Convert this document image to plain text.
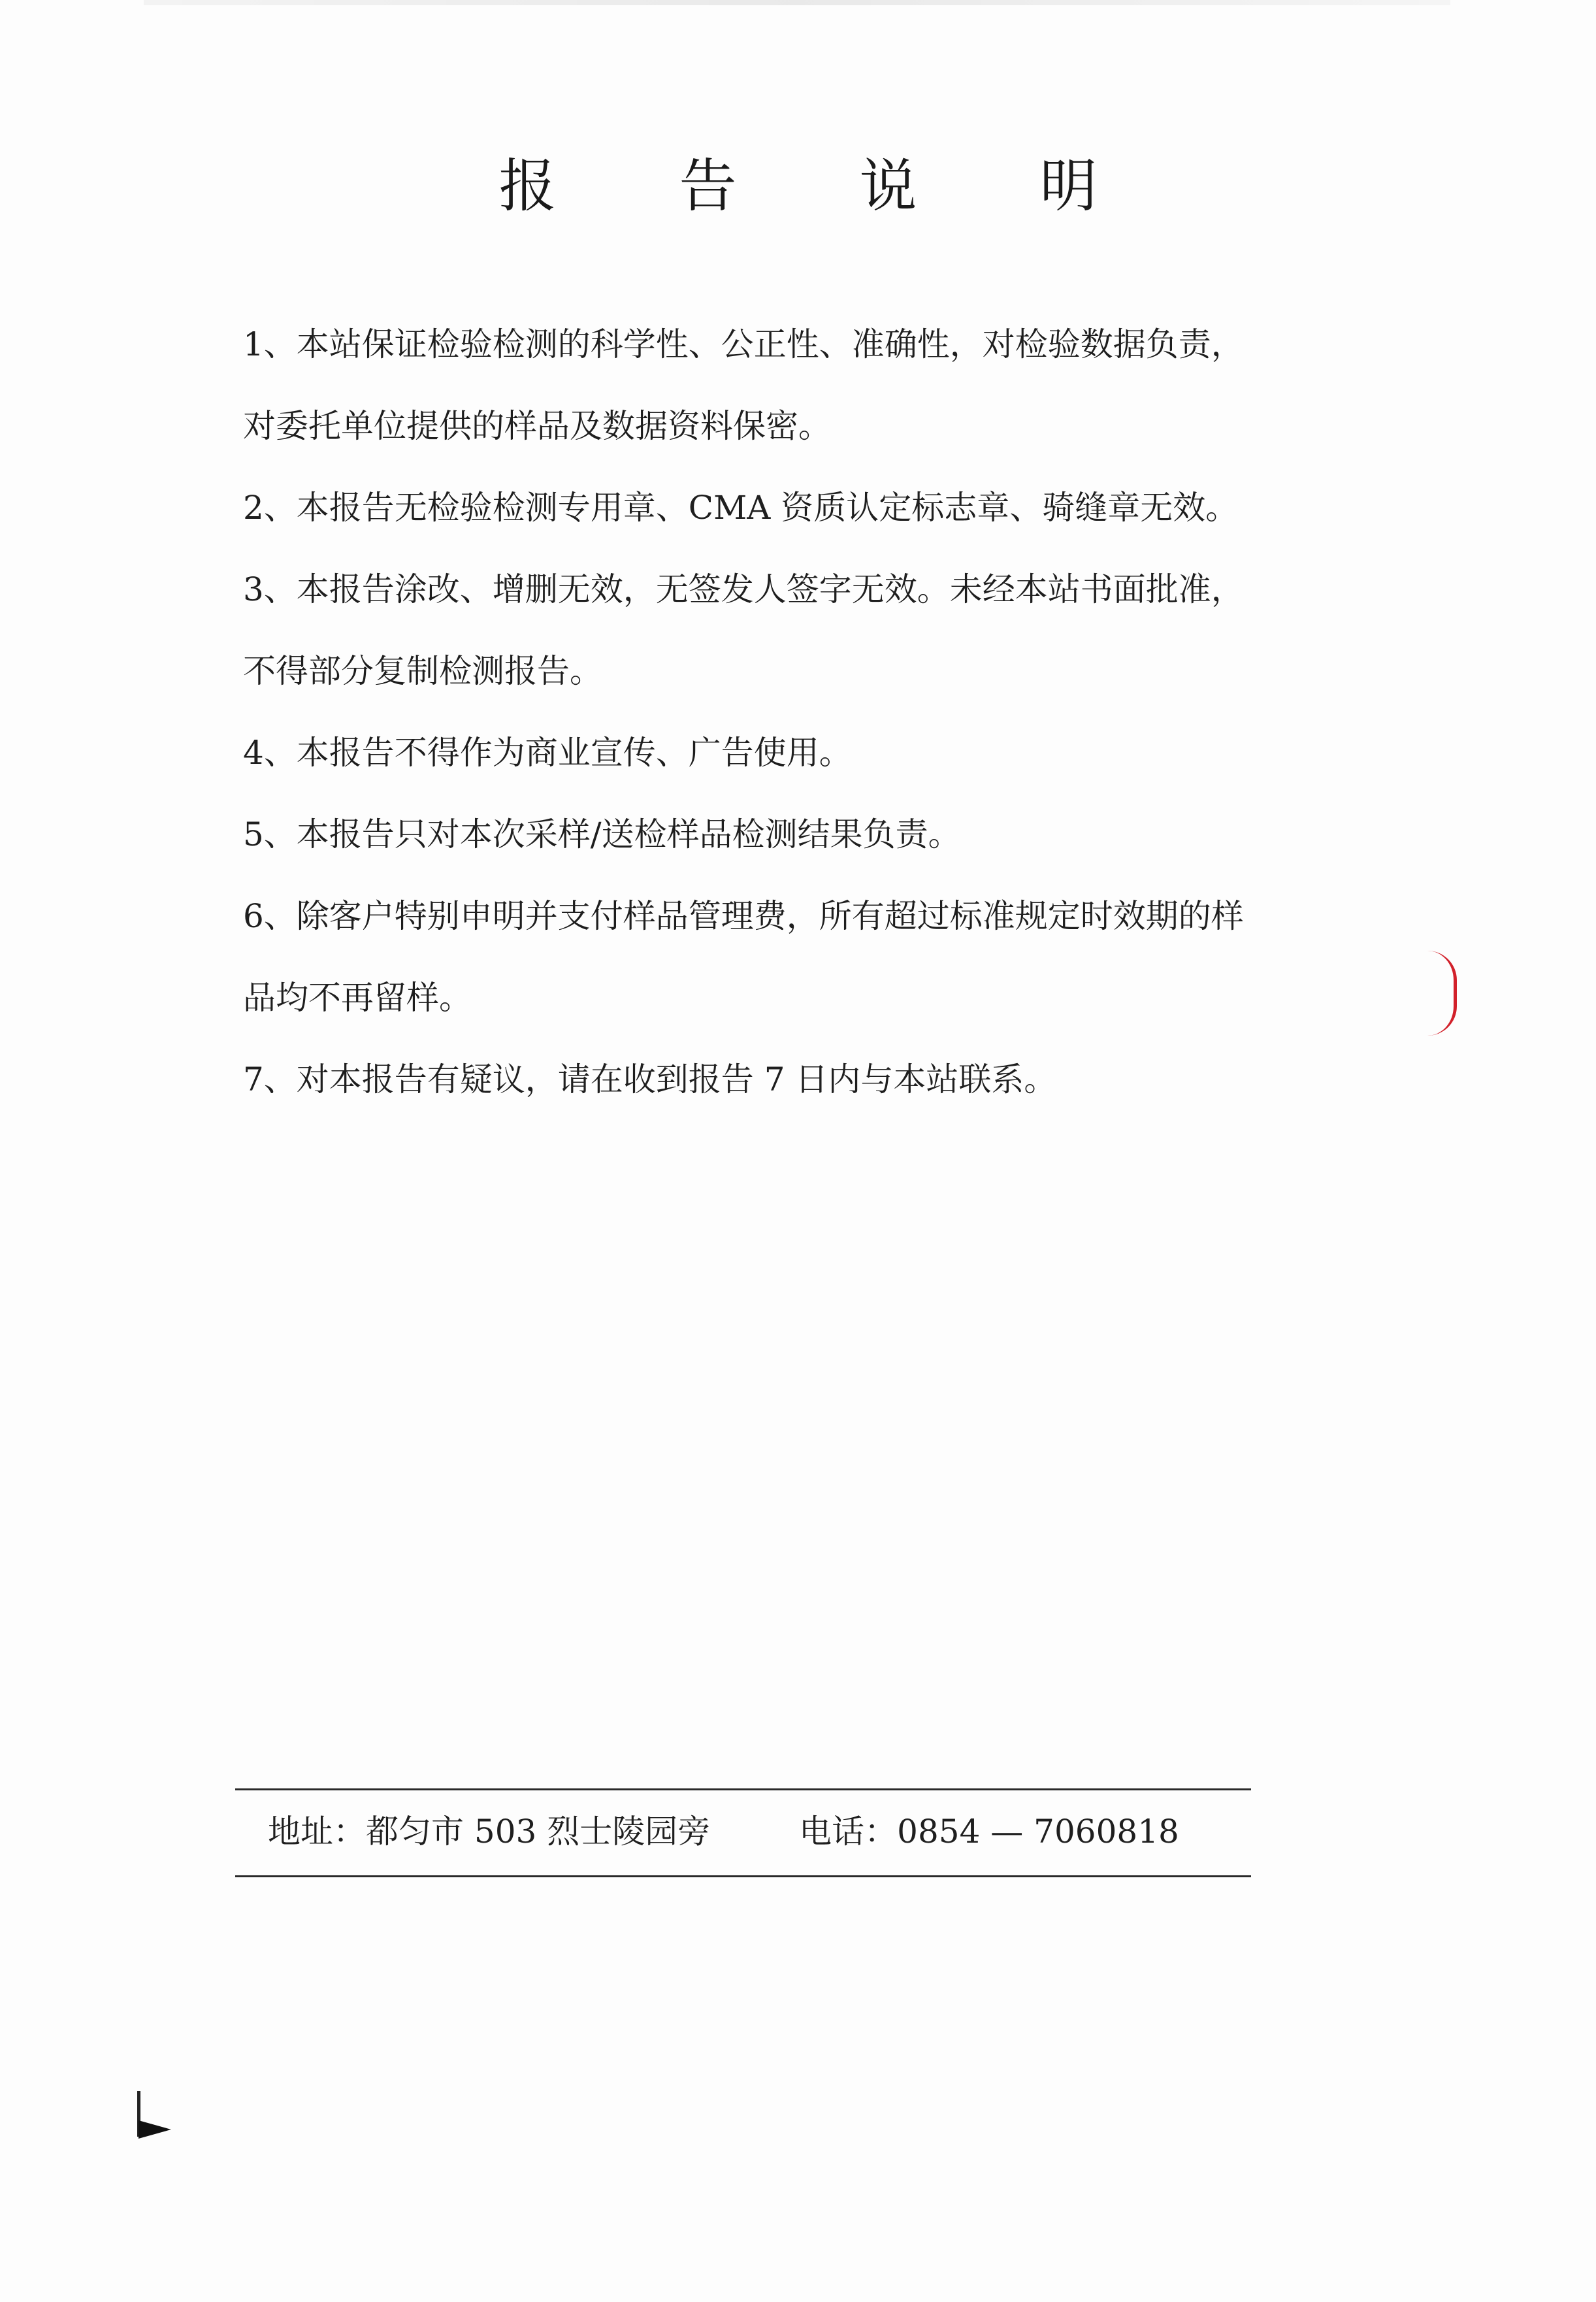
报 告 说 明

1、本站保证检验检测的科学性、公正性、准确性，对检验数据负责，对委托单位提供的样品及数据资料保密。

2、本报告无检验检测专用章、CMA 资质认定标志章、骑缝章无效。

3、本报告涂改、增删无效，无签发人签字无效。未经本站书面批准，不得部分复制检测报告。

4、本报告不得作为商业宣传、广告使用。

5、本报告只对本次采样/送检样品检测结果负责。

6、除客户特别申明并支付样品管理费，所有超过标准规定时效期的样品均不再留样。

7、对本报告有疑议，请在收到报告 7 日内与本站联系。

地址：都匀市 503 烈士陵园旁	电话：0854 — 7060818
